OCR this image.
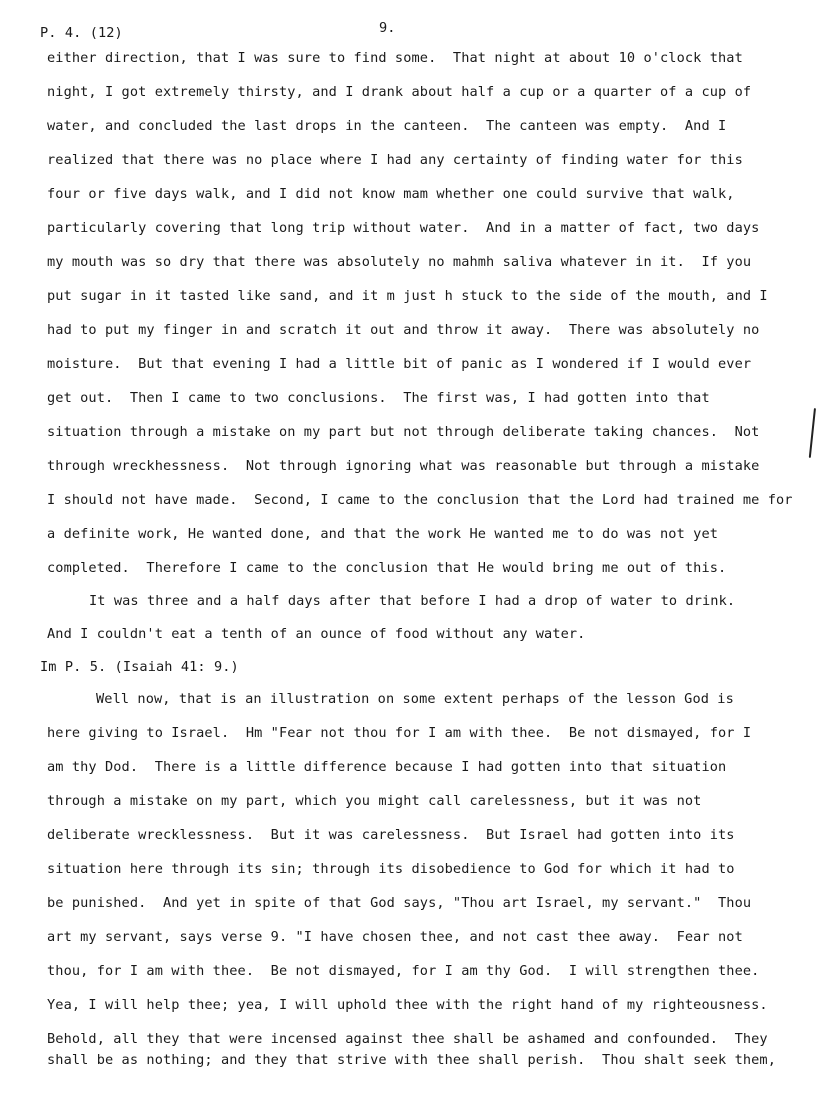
P. 4. (12)	9.
either direction, that I was sure to find some.  That night at about 10 o'clock that
night, I got extremely thirsty, and I drank about half a cup or a quarter of a cup of
water, and concluded the last drops in the canteen.  The canteen was empty.  And I
realized that there was no place where I had any certainty of finding water for this
four or five days walk, and I did not know mam whether one could survive that walk,
particularly covering that long trip without water.  And in a matter of fact, two days
my mouth was so dry that there was absolutely no mahmh saliva whatever in it.  If you
put sugar in it tasted like sand, and it m just h stuck to the side of the mouth, and I
had to put my finger in and scratch it out and throw it away.  There was absolutely no
moisture.  But that evening I had a little bit of panic as I wondered if I would ever
get out.  Then I came to two conclusions.  The first was, I had gotten into that
situation through a mistake on my part but not through deliberate taking chances.  Not
through wreckhessness.  Not through ignoring what was reasonable but through a mistake
I should not have made.  Second, I came to the conclusion that the Lord had trained me for
a definite work, He wanted done, and that the work He wanted me to do was not yet
completed.  Therefore I came to the conclusion that He would bring me out of this.
It was three and a half days after that before I had a drop of water to drink.
And I couldn't eat a tenth of an ounce of food without any water.
Im P. 5. (Isaiah 41: 9.)
Well now, that is an illustration on some extent perhaps of the lesson God is
here giving to Israel.  Hm "Fear not thou for I am with thee.  Be not dismayed, for I
am thy Dod.  There is a little difference because I had gotten into that situation
through a mistake on my part, which you might call carelessness, but it was not
deliberate wrecklessness.  But it was carelessness.  But Israel had gotten into its
situation here through its sin; through its disobedience to God for which it had to
be punished.  And yet in spite of that God says, "Thou art Israel, my servant."  Thou
art my servant, says verse 9. "I have chosen thee, and not cast thee away.  Fear not
thou, for I am with thee.  Be not dismayed, for I am thy God.  I will strengthen thee.
Yea, I will help thee; yea, I will uphold thee with the right hand of my righteousness.
Behold, all they that were incensed against thee shall be ashamed and confounded.  They
shall be as nothing; and they that strive with thee shall perish.  Thou shalt seek them,
